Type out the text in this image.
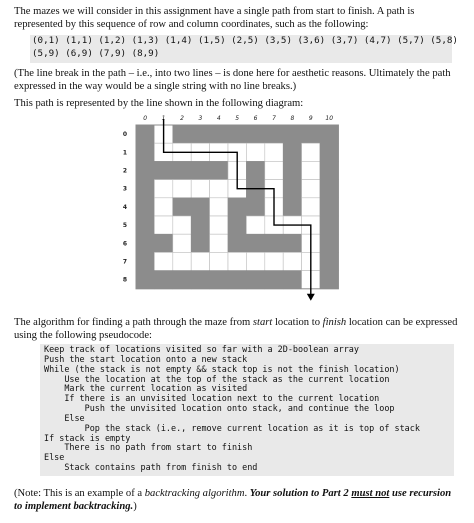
The mazes we will consider in this assignment have a single path from start to finish. A path is represented by this sequence of row and column coordinates, such as the following:

(0,1) (1,1) (1,2) (1,3) (1,4) (1,5) (2,5) (3,5) (3,6) (3,7) (4,7) (5,7) (5,8)
(5,9) (6,9) (7,9) (8,9)

(The line break in the path – i.e., into two lines – is done here for aesthetic reasons. Ultimately the path expressed in the way would be a single string with no line breaks.)

This path is represented by the line shown in the following diagram:

0 1 2 3 4 5 6 7 8 9 10
0
1
2
3
4
5
6
7
8

The algorithm for finding a path through the maze from start location to finish location can be expressed using the following pseudocode:

Keep track of locations visited so far with a 2D-boolean array
Push the start location onto a new stack
While (the stack is not empty && stack top is not the finish location)
Use the location at the top of the stack as the current location
Mark the current location as visited
If there is an unvisited location next to the current location
Push the unvisited location onto stack, and continue the loop
Else
Pop the stack (i.e., remove current location as it is top of stack
If stack is empty
There is no path from start to finish
Else
Stack contains path from finish to end

(Note: This is an example of a backtracking algorithm. Your solution to Part 2 must not use recursion to implement backtracking.)
